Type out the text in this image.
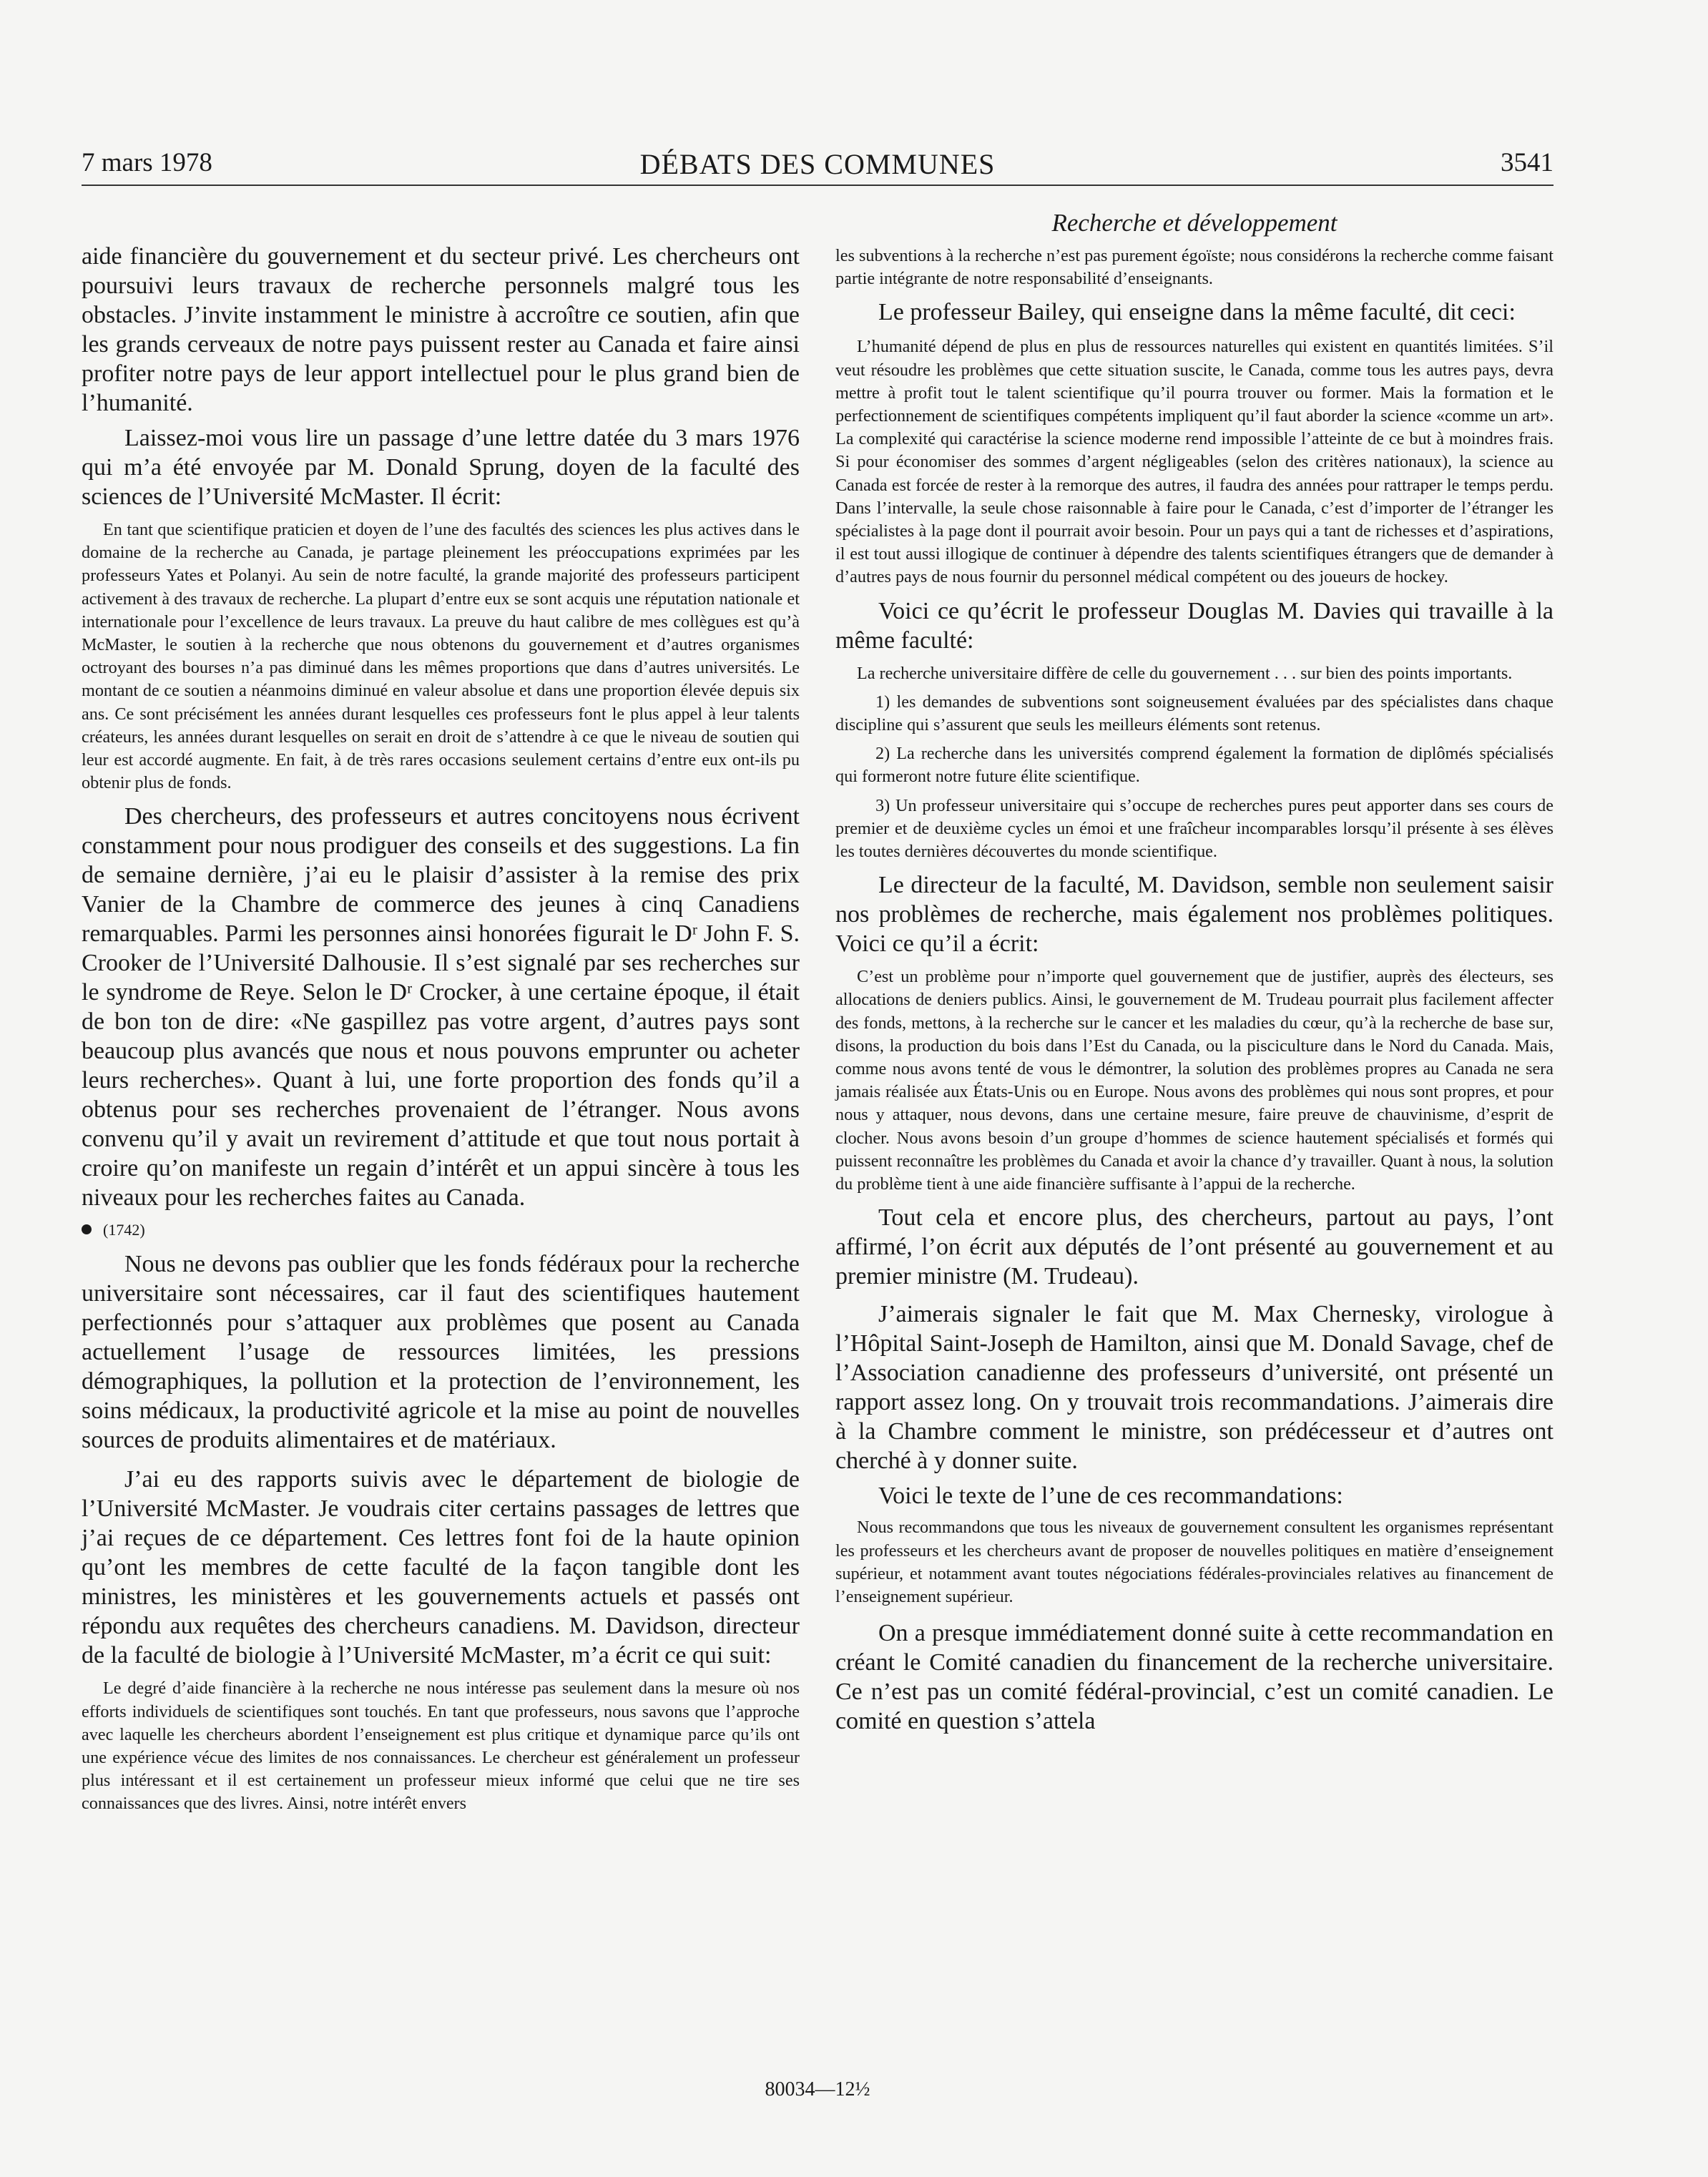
7 mars 1978	DÉBATS DES COMMUNES	3541
Recherche et développement

aide financière du gouvernement et du secteur privé. Les chercheurs ont poursuivi leurs travaux de recherche personnels malgré tous les obstacles. J’invite instamment le ministre à accroître ce soutien, afin que les grands cerveaux de notre pays puissent rester au Canada et faire ainsi profiter notre pays de leur apport intellectuel pour le plus grand bien de l’humanité.

Laissez-moi vous lire un passage d’une lettre datée du 3 mars 1976 qui m’a été envoyée par M. Donald Sprung, doyen de la faculté des sciences de l’Université McMaster. Il écrit:

En tant que scientifique praticien et doyen de l’une des facultés des sciences les plus actives dans le domaine de la recherche au Canada, je partage pleinement les préoccupations exprimées par les professeurs Yates et Polanyi. Au sein de notre faculté, la grande majorité des professeurs participent activement à des travaux de recherche. La plupart d’entre eux se sont acquis une réputation nationale et internationale pour l’excellence de leurs travaux. La preuve du haut calibre de mes collègues est qu’à McMaster, le soutien à la recherche que nous obtenons du gouvernement et d’autres organismes octroyant des bourses n’a pas diminué dans les mêmes proportions que dans d’autres universités. Le montant de ce soutien a néanmoins diminué en valeur absolue et dans une proportion élevée depuis six ans. Ce sont précisément les années durant lesquelles ces professeurs font le plus appel à leur talents créateurs, les années durant lesquelles on serait en droit de s’attendre à ce que le niveau de soutien qui leur est accordé augmente. En fait, à de très rares occasions seulement certains d’entre eux ont-ils pu obtenir plus de fonds.

Des chercheurs, des professeurs et autres concitoyens nous écrivent constamment pour nous prodiguer des conseils et des suggestions. La fin de semaine dernière, j’ai eu le plaisir d’assister à la remise des prix Vanier de la Chambre de commerce des jeunes à cinq Canadiens remarquables. Parmi les personnes ainsi honorées figurait le Dʳ John F. S. Crooker de l’Université Dalhousie. Il s’est signalé par ses recherches sur le syndrome de Reye. Selon le Dʳ Crocker, à une certaine époque, il était de bon ton de dire: «Ne gaspillez pas votre argent, d’autres pays sont beaucoup plus avancés que nous et nous pouvons emprunter ou acheter leurs recherches». Quant à lui, une forte proportion des fonds qu’il a obtenus pour ses recherches provenaient de l’étranger. Nous avons convenu qu’il y avait un revirement d’attitude et que tout nous portait à croire qu’on manifeste un regain d’intérêt et un appui sincère à tous les niveaux pour les recherches faites au Canada.

(1742)

Nous ne devons pas oublier que les fonds fédéraux pour la recherche universitaire sont nécessaires, car il faut des scientifiques hautement perfectionnés pour s’attaquer aux problèmes que posent au Canada actuellement l’usage de ressources limitées, les pressions démographiques, la pollution et la protection de l’environnement, les soins médicaux, la productivité agricole et la mise au point de nouvelles sources de produits alimentaires et de matériaux.

J’ai eu des rapports suivis avec le département de biologie de l’Université McMaster. Je voudrais citer certains passages de lettres que j’ai reçues de ce département. Ces lettres font foi de la haute opinion qu’ont les membres de cette faculté de la façon tangible dont les ministres, les ministères et les gouvernements actuels et passés ont répondu aux requêtes des chercheurs canadiens. M. Davidson, directeur de la faculté de biologie à l’Université McMaster, m’a écrit ce qui suit:

Le degré d’aide financière à la recherche ne nous intéresse pas seulement dans la mesure où nos efforts individuels de scientifiques sont touchés. En tant que professeurs, nous savons que l’approche avec laquelle les chercheurs abordent l’enseignement est plus critique et dynamique parce qu’ils ont une expérience vécue des limites de nos connaissances. Le chercheur est généralement un professeur plus intéressant et il est certainement un professeur mieux informé que celui que ne tire ses connaissances que des livres. Ainsi, notre intérêt envers

les subventions à la recherche n’est pas purement égoïste; nous considérons la recherche comme faisant partie intégrante de notre responsabilité d’enseignants.

Le professeur Bailey, qui enseigne dans la même faculté, dit ceci:

L’humanité dépend de plus en plus de ressources naturelles qui existent en quantités limitées. S’il veut résoudre les problèmes que cette situation suscite, le Canada, comme tous les autres pays, devra mettre à profit tout le talent scientifique qu’il pourra trouver ou former. Mais la formation et le perfectionnement de scientifiques compétents impliquent qu’il faut aborder la science «comme un art». La complexité qui caractérise la science moderne rend impossible l’atteinte de ce but à moindres frais. Si pour économiser des sommes d’argent négligeables (selon des critères nationaux), la science au Canada est forcée de rester à la remorque des autres, il faudra des années pour rattraper le temps perdu. Dans l’intervalle, la seule chose raisonnable à faire pour le Canada, c’est d’importer de l’étranger les spécialistes à la page dont il pourrait avoir besoin. Pour un pays qui a tant de richesses et d’aspirations, il est tout aussi illogique de continuer à dépendre des talents scientifiques étrangers que de demander à d’autres pays de nous fournir du personnel médical compétent ou des joueurs de hockey.

Voici ce qu’écrit le professeur Douglas M. Davies qui travaille à la même faculté:

La recherche universitaire diffère de celle du gouvernement . . . sur bien des points importants.

1) les demandes de subventions sont soigneusement évaluées par des spécialistes dans chaque discipline qui s’assurent que seuls les meilleurs éléments sont retenus.

2) La recherche dans les universités comprend également la formation de diplômés spécialisés qui formeront notre future élite scientifique.

3) Un professeur universitaire qui s’occupe de recherches pures peut apporter dans ses cours de premier et de deuxième cycles un émoi et une fraîcheur incomparables lorsqu’il présente à ses élèves les toutes dernières découvertes du monde scientifique.

Le directeur de la faculté, M. Davidson, semble non seulement saisir nos problèmes de recherche, mais également nos problèmes politiques. Voici ce qu’il a écrit:

C’est un problème pour n’importe quel gouvernement que de justifier, auprès des électeurs, ses allocations de deniers publics. Ainsi, le gouvernement de M. Trudeau pourrait plus facilement affecter des fonds, mettons, à la recherche sur le cancer et les maladies du cœur, qu’à la recherche de base sur, disons, la production du bois dans l’Est du Canada, ou la pisciculture dans le Nord du Canada. Mais, comme nous avons tenté de vous le démontrer, la solution des problèmes propres au Canada ne sera jamais réalisée aux États-Unis ou en Europe. Nous avons des problèmes qui nous sont propres, et pour nous y attaquer, nous devons, dans une certaine mesure, faire preuve de chauvinisme, d’esprit de clocher. Nous avons besoin d’un groupe d’hommes de science hautement spécialisés et formés qui puissent reconnaître les problèmes du Canada et avoir la chance d’y travailler. Quant à nous, la solution du problème tient à une aide financière suffisante à l’appui de la recherche.

Tout cela et encore plus, des chercheurs, partout au pays, l’ont affirmé, l’on écrit aux députés de l’ont présenté au gouvernement et au premier ministre (M. Trudeau).

J’aimerais signaler le fait que M. Max Chernesky, virologue à l’Hôpital Saint-Joseph de Hamilton, ainsi que M. Donald Savage, chef de l’Association canadienne des professeurs d’université, ont présenté un rapport assez long. On y trouvait trois recommandations. J’aimerais dire à la Chambre comment le ministre, son prédécesseur et d’autres ont cherché à y donner suite.

Voici le texte de l’une de ces recommandations:

Nous recommandons que tous les niveaux de gouvernement consultent les organismes représentant les professeurs et les chercheurs avant de proposer de nouvelles politiques en matière d’enseignement supérieur, et notamment avant toutes négociations fédérales-provinciales relatives au financement de l’enseignement supérieur.

On a presque immédiatement donné suite à cette recommandation en créant le Comité canadien du financement de la recherche universitaire. Ce n’est pas un comité fédéral-provincial, c’est un comité canadien. Le comité en question s’attela

80034—12½
